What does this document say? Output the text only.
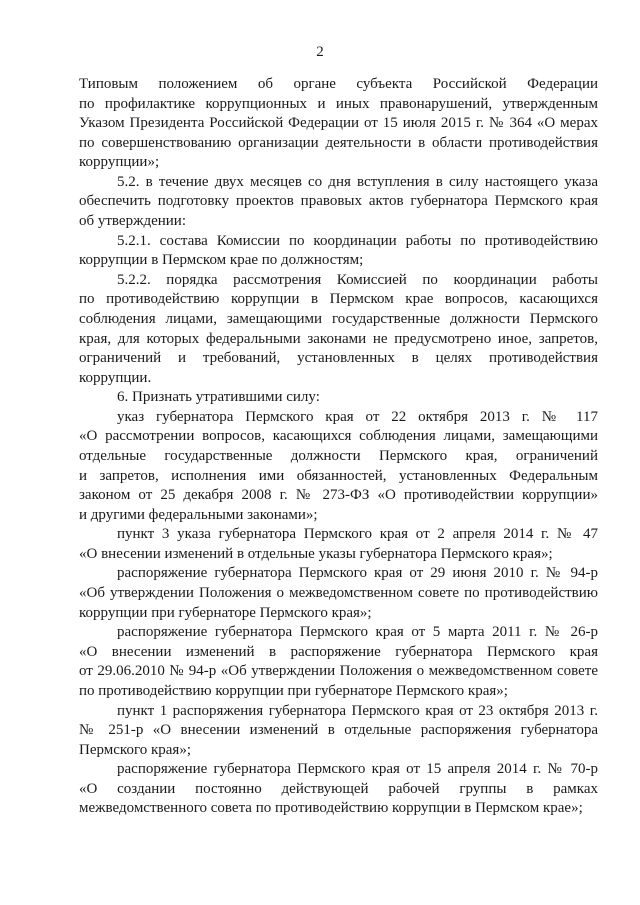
2
Типовым положением об органе субъекта Российской Федерации
по профилактике коррупционных и иных правонарушений, утвержденным
Указом Президента Российской Федерации от 15 июля 2015 г. № 364 «О мерах
по совершенствованию организации деятельности в области противодействия
коррупции»;
5.2. в течение двух месяцев со дня вступления в силу настоящего указа
обеспечить подготовку проектов правовых актов губернатора Пермского края
об утверждении:
5.2.1. состава Комиссии по координации работы по противодействию
коррупции в Пермском крае по должностям;
5.2.2. порядка рассмотрения Комиссией по координации работы
по противодействию коррупции в Пермском крае вопросов, касающихся
соблюдения лицами, замещающими государственные должности Пермского
края, для которых федеральными законами не предусмотрено иное, запретов,
ограничений и требований, установленных в целях противодействия
коррупции.
6. Признать утратившими силу:
указ губернатора Пермского края от 22 октября 2013 г. № 117
«О рассмотрении вопросов, касающихся соблюдения лицами, замещающими
отдельные государственные должности Пермского края, ограничений
и запретов, исполнения ими обязанностей, установленных Федеральным
законом от 25 декабря 2008 г. № 273-ФЗ «О противодействии коррупции»
и другими федеральными законами»;
пункт 3 указа губернатора Пермского края от 2 апреля 2014 г. № 47
«О внесении изменений в отдельные указы губернатора Пермского края»;
распоряжение губернатора Пермского края от 29 июня 2010 г. № 94-р
«Об утверждении Положения о межведомственном совете по противодействию
коррупции при губернаторе Пермского края»;
распоряжение губернатора Пермского края от 5 марта 2011 г. № 26-р
«О внесении изменений в распоряжение губернатора Пермского края
от 29.06.2010 № 94-р «Об утверждении Положения о межведомственном совете
по противодействию коррупции при губернаторе Пермского края»;
пункт 1 распоряжения губернатора Пермского края от 23 октября 2013 г.
№ 251-р «О внесении изменений в отдельные распоряжения губернатора
Пермского края»;
распоряжение губернатора Пермского края от 15 апреля 2014 г. № 70-р
«О создании постоянно действующей рабочей группы в рамках
межведомственного совета по противодействию коррупции в Пермском крае»;
